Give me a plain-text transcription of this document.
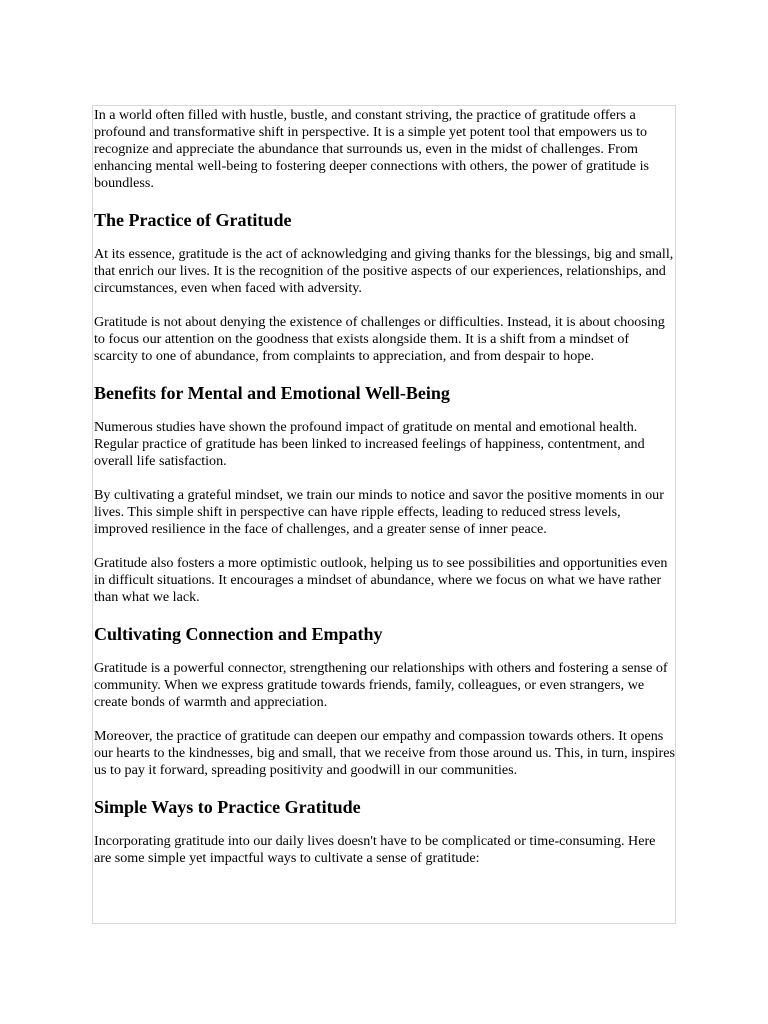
In a world often filled with hustle, bustle, and constant striving, the practice of gratitude offers a profound and transformative shift in perspective. It is a simple yet potent tool that empowers us to recognize and appreciate the abundance that surrounds us, even in the midst of challenges. From enhancing mental well-being to fostering deeper connections with others, the power of gratitude is boundless.

The Practice of Gratitude

At its essence, gratitude is the act of acknowledging and giving thanks for the blessings, big and small, that enrich our lives. It is the recognition of the positive aspects of our experiences, relationships, and circumstances, even when faced with adversity.

Gratitude is not about denying the existence of challenges or difficulties. Instead, it is about choosing to focus our attention on the goodness that exists alongside them. It is a shift from a mindset of scarcity to one of abundance, from complaints to appreciation, and from despair to hope.

Benefits for Mental and Emotional Well-Being

Numerous studies have shown the profound impact of gratitude on mental and emotional health. Regular practice of gratitude has been linked to increased feelings of happiness, contentment, and overall life satisfaction.

By cultivating a grateful mindset, we train our minds to notice and savor the positive moments in our lives. This simple shift in perspective can have ripple effects, leading to reduced stress levels, improved resilience in the face of challenges, and a greater sense of inner peace.

Gratitude also fosters a more optimistic outlook, helping us to see possibilities and opportunities even in difficult situations. It encourages a mindset of abundance, where we focus on what we have rather than what we lack.

Cultivating Connection and Empathy

Gratitude is a powerful connector, strengthening our relationships with others and fostering a sense of community. When we express gratitude towards friends, family, colleagues, or even strangers, we create bonds of warmth and appreciation.

Moreover, the practice of gratitude can deepen our empathy and compassion towards others. It opens our hearts to the kindnesses, big and small, that we receive from those around us. This, in turn, inspires us to pay it forward, spreading positivity and goodwill in our communities.

Simple Ways to Practice Gratitude

Incorporating gratitude into our daily lives doesn't have to be complicated or time-consuming. Here are some simple yet impactful ways to cultivate a sense of gratitude:
